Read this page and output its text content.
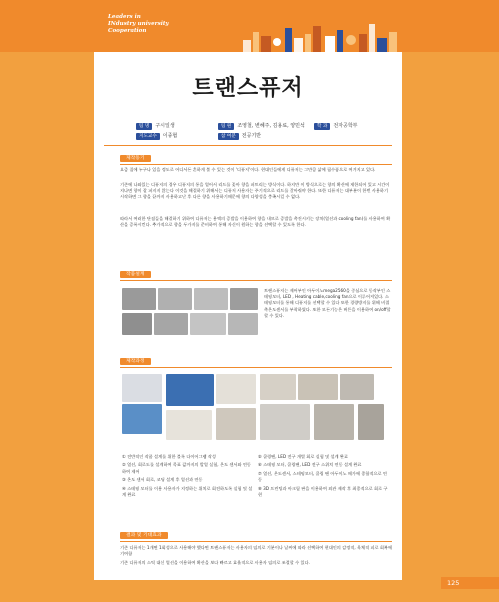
Leaders in
INdustry university
Cooperation
트랜스퓨저
팀 명 구시일생	팀 원 조영철, 변혜주, 김용료, 양민석	학 과 전자공학부
지도교수 이종협	참 여분 전공기반
제작동기

요즘 집에 누구나 있을 정도로 어디서든 흔하게 볼 수 있는 것이 '디퓨저'이다. 현대인들에게 디퓨저는 그만큼 삶에 필수품으로 여겨지고 있다.

기존에 나와있는 디퓨저의 경우 디퓨저의 통을 열어서 리드를 꽂아 향을 퍼트리는 방식이다. 하지만 이 방식으로는 향의 확산에 제한되어 있고 시간이 지나면 향이 잘 퍼지지 않는다 이것을 해결하기 위해서는 디퓨저 사용자는 주기적으로 리드를 갈아줘야 한다. 또한 디퓨저는 대부분이 한번 사용하기 시작하면 그 향을 끝까지 사용하고난 후 다른 향을 사용하기때문에 향의 다양성을 충족시킬 수 없다.

따라서 여러한 단점들을 해결하기 위하여 디퓨저는 용액의 증발을 이용하여 향을 내므로 증발을 촉진시키는 장치(열선과 cooling fan)를 사용하여 확산을 증폭시킨다. 추가적으로 향을 두가지를 준비하여 통해 자신이 원하는 향을 선택할 수 있도록 한다.

작품설계

트랜스퓨저는 제어부인 아두이노mega2560을 중심으로 동작부인 스테핑모터, LED , Heating cable,cooling fan으로 이루어져있다. 스테핑모터를 통해 디퓨저를 선택할 수 있다 또한 경량방지를 위해 비접촉온도센서를 부착하였다. 또한 모든기능은 버튼을 이용하여 on/off할 할 수 있다.

제작과정
① 전반적인 작품 설계를 위한 블록 다이어그램 작성
② 열선, 회로도를 설계하여 목표 값까지의 발열 실험, 온도 센서와 연동하여 제어
③ 온도 센서 회로, 코딩 설계 후 열선과 연동
④ 스테핑 모터를 이용 사용자가 지정하는 위치로 회전하도록 실험 및 설계 완료
⑤ 쿨링팬, LED 전구 개별 회로 실험 및 설계 완료
⑥ 스테핑 모터, 쿨링팬, LED 전구 스위치 연동 설계 완료
⑦ 열선, 온도센서, 스테핑모터, 쿨링 팬 아두이노 메가에 종합적으로 연동
⑧ 3D 프린팅과 아크릴 판을 이용하여 외관 제작 후 최종적으로 회로 구현
결과 및 기대효과

기존 디퓨저는 1개면 1회성으로 사용해야 했다면 트랜스퓨저는 사용자의 임의로 기분이나 날씨에 따라 선택하여 현대인의 감정적, 육체적 피로 회복에 기여함

기존 디퓨저의 스틱 대신 열선을 이용하여 확산을 보다 빠르고 효율적으로 사용자 임의로 조절할 수 있다.

125
